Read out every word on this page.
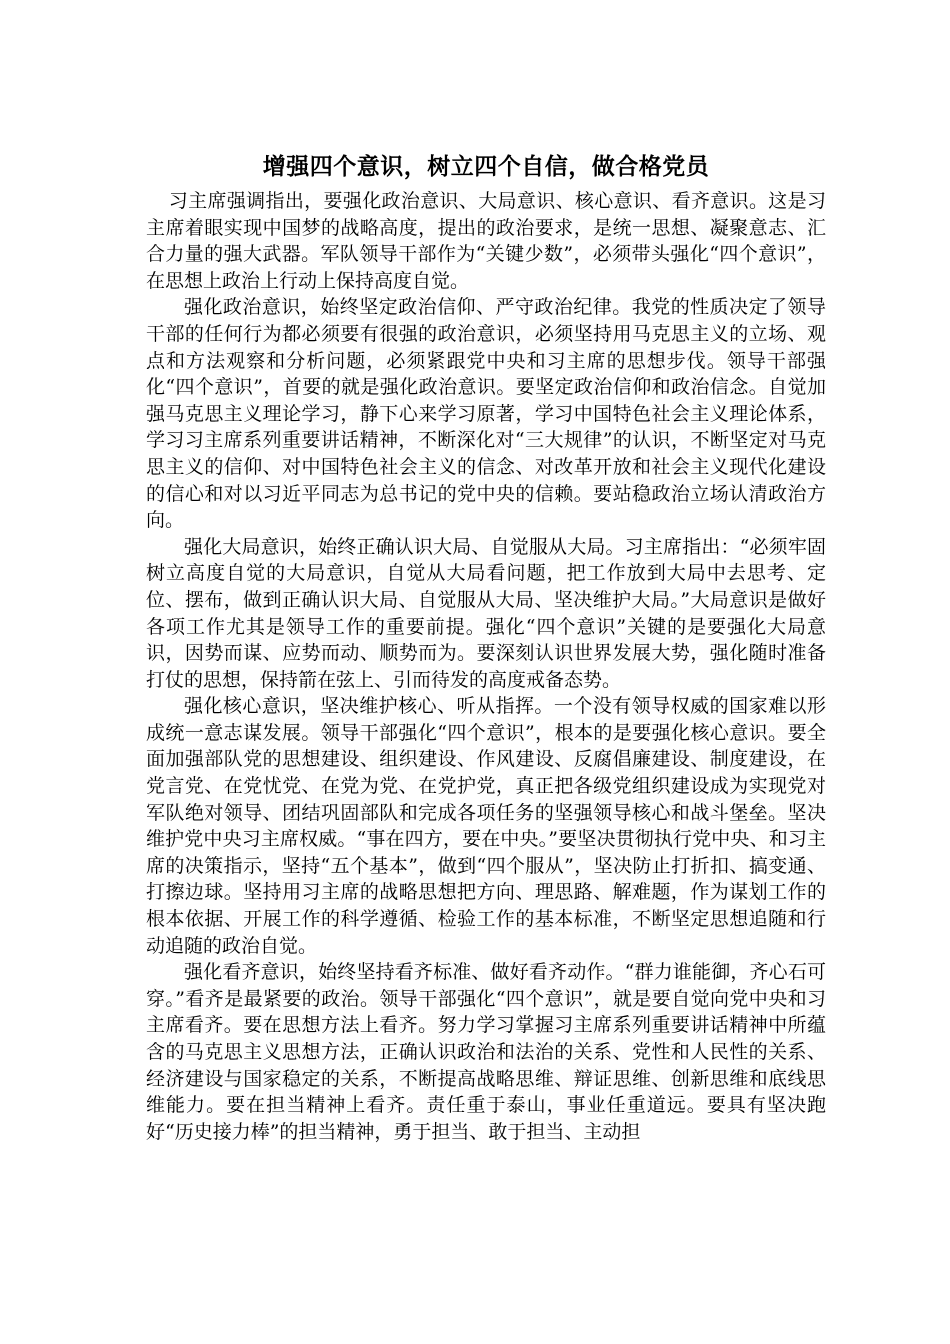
增强四个意识，树立四个自信，做合格党员

习主席强调指出，要强化政治意识、大局意识、核心意识、看齐意识。这是习主席着眼实现中国梦的战略高度，提出的政治要求，是统一思想、凝聚意志、汇合力量的强大武器。军队领导干部作为“关键少数”，必须带头强化“四个意识”，在思想上政治上行动上保持高度自觉。

强化政治意识，始终坚定政治信仰、严守政治纪律。我党的性质决定了领导干部的任何行为都必须要有很强的政治意识，必须坚持用马克思主义的立场、观点和方法观察和分析问题，必须紧跟党中央和习主席的思想步伐。领导干部强化“四个意识”，首要的就是强化政治意识。要坚定政治信仰和政治信念。自觉加强马克思主义理论学习，静下心来学习原著，学习中国特色社会主义理论体系，学习习主席系列重要讲话精神，不断深化对“三大规律”的认识，不断坚定对马克思主义的信仰、对中国特色社会主义的信念、对改革开放和社会主义现代化建设的信心和对以习近平同志为总书记的党中央的信赖。要站稳政治立场认清政治方向。

强化大局意识，始终正确认识大局、自觉服从大局。习主席指出：“必须牢固树立高度自觉的大局意识，自觉从大局看问题，把工作放到大局中去思考、定位、摆布，做到正确认识大局、自觉服从大局、坚决维护大局。”大局意识是做好各项工作尤其是领导工作的重要前提。强化“四个意识”关键的是要强化大局意识，因势而谋、应势而动、顺势而为。要深刻认识世界发展大势，强化随时准备打仗的思想，保持箭在弦上、引而待发的高度戒备态势。

强化核心意识，坚决维护核心、听从指挥。一个没有领导权威的国家难以形成统一意志谋发展。领导干部强化“四个意识”，根本的是要强化核心意识。要全面加强部队党的思想建设、组织建设、作风建设、反腐倡廉建设、制度建设，在党言党、在党忧党、在党为党、在党护党，真正把各级党组织建设成为实现党对军队绝对领导、团结巩固部队和完成各项任务的坚强领导核心和战斗堡垒。坚决维护党中央习主席权威。“事在四方，要在中央。”要坚决贯彻执行党中央、和习主席的决策指示，坚持“五个基本”，做到“四个服从”，坚决防止打折扣、搞变通、打擦边球。坚持用习主席的战略思想把方向、理思路、解难题，作为谋划工作的根本依据、开展工作的科学遵循、检验工作的基本标准，不断坚定思想追随和行动追随的政治自觉。

强化看齐意识，始终坚持看齐标准、做好看齐动作。“群力谁能御，齐心石可穿。”看齐是最紧要的政治。领导干部强化“四个意识”，就是要自觉向党中央和习主席看齐。要在思想方法上看齐。努力学习掌握习主席系列重要讲话精神中所蕴含的马克思主义思想方法，正确认识政治和法治的关系、党性和人民性的关系、经济建设与国家稳定的关系，不断提高战略思维、辩证思维、创新思维和底线思维能力。要在担当精神上看齐。责任重于泰山，事业任重道远。要具有坚决跑好“历史接力棒”的担当精神，勇于担当、敢于担当、主动担
